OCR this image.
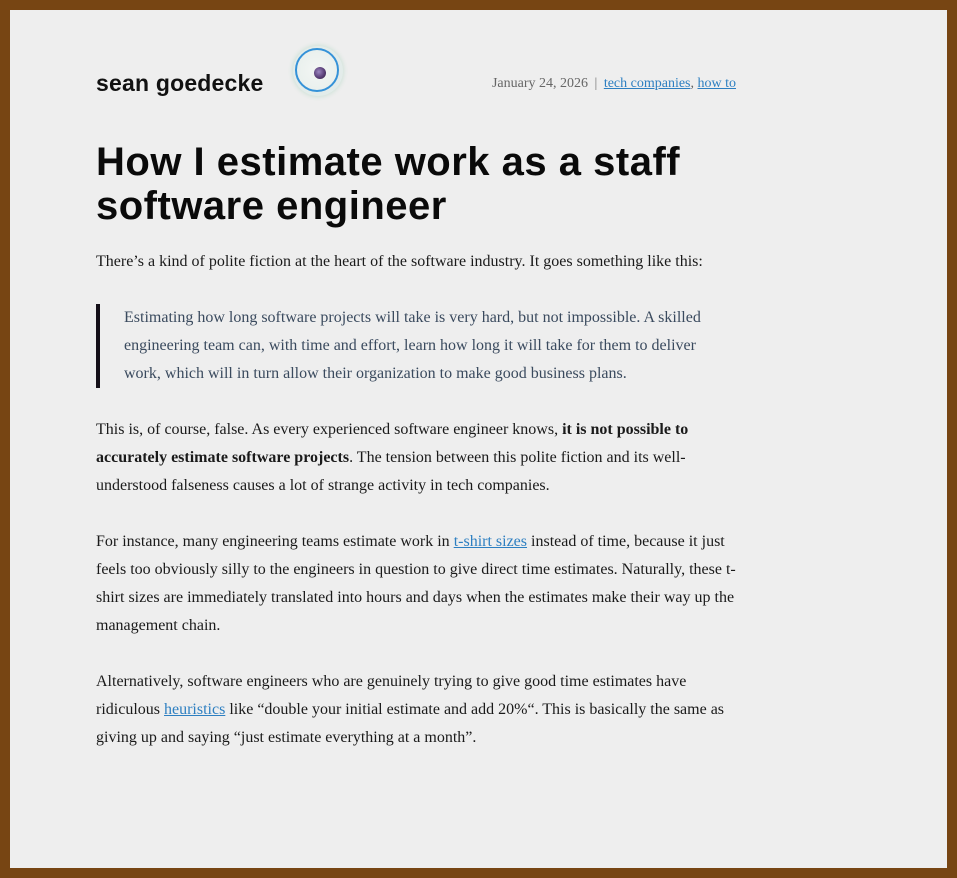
sean goedecke	January 24, 2026 | tech companies, how to
How I estimate work as a staff software engineer

There’s a kind of polite fiction at the heart of the software industry. It goes something like this:

Estimating how long software projects will take is very hard, but not impossible. A skilled engineering team can, with time and effort, learn how long it will take for them to deliver work, which will in turn allow their organization to make good business plans.

This is, of course, false. As every experienced software engineer knows, it is not possible to accurately estimate software projects. The tension between this polite fiction and its well-understood falseness causes a lot of strange activity in tech companies.

For instance, many engineering teams estimate work in t-shirt sizes instead of time, because it just feels too obviously silly to the engineers in question to give direct time estimates. Naturally, these t-shirt sizes are immediately translated into hours and days when the estimates make their way up the management chain.

Alternatively, software engineers who are genuinely trying to give good time estimates have ridiculous heuristics like “double your initial estimate and add 20%“. This is basically the same as giving up and saying “just estimate everything at a month”.
